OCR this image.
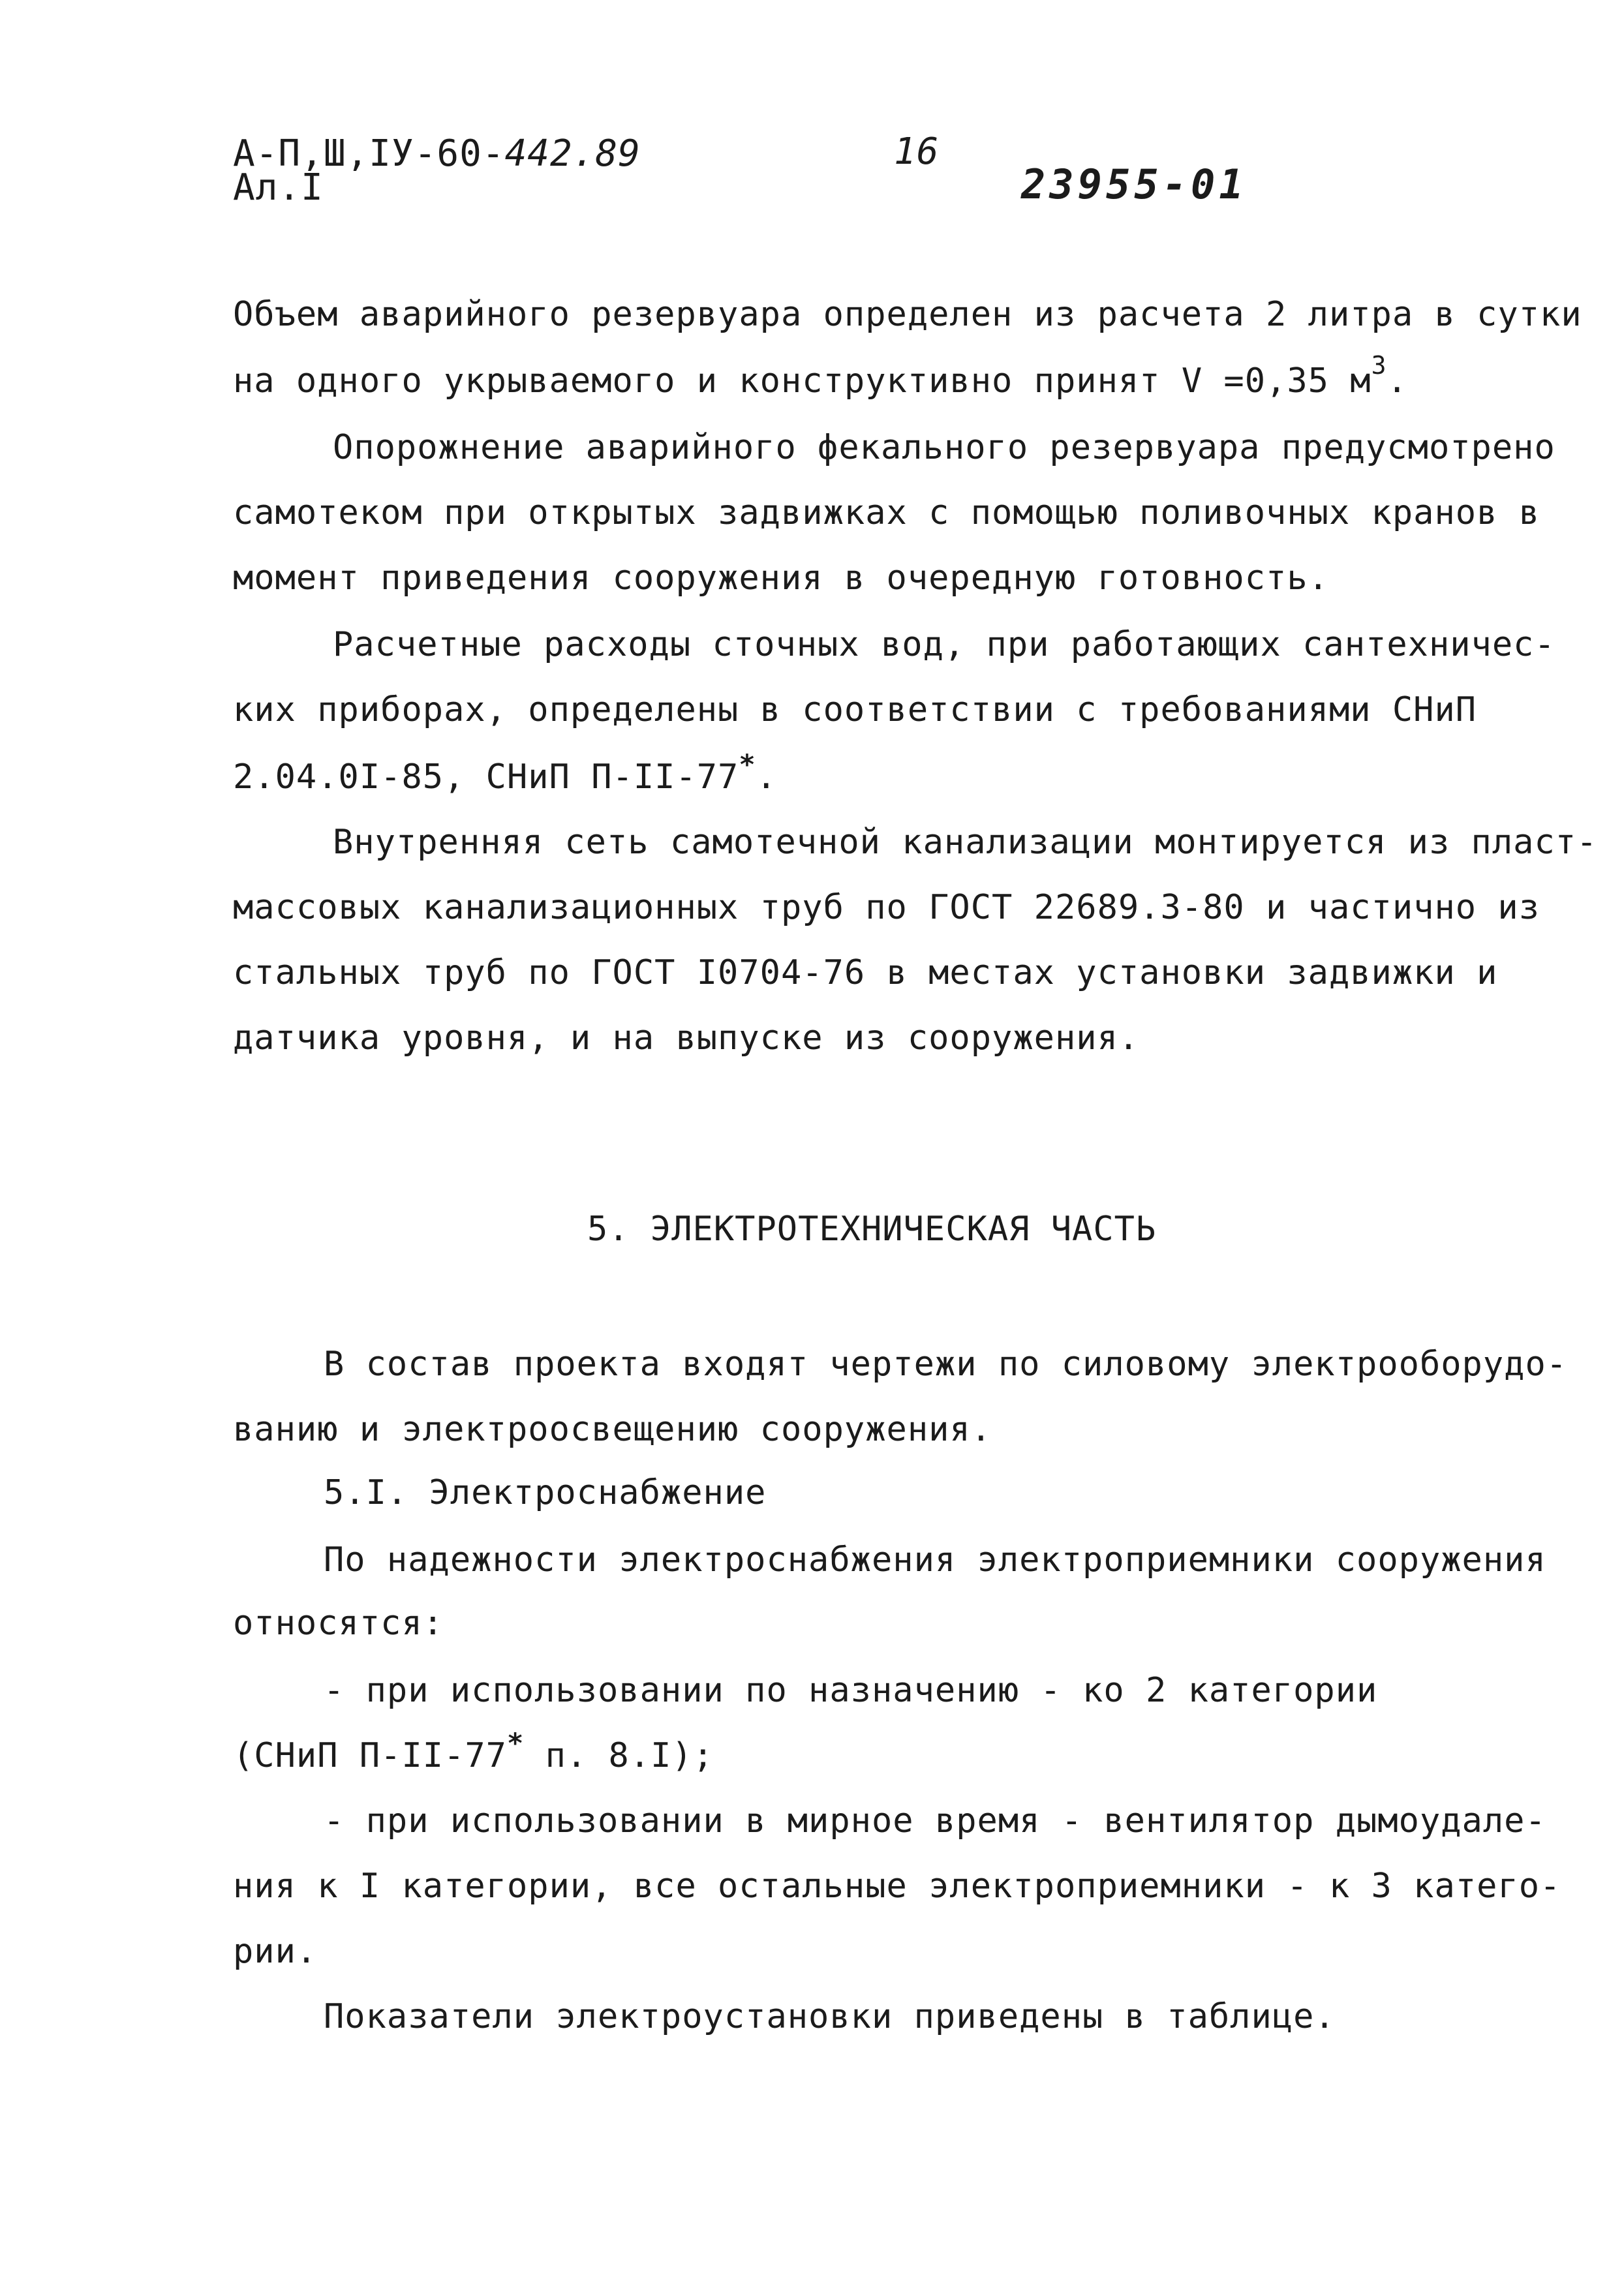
А-П,Ш,IУ-60-442.89
Ал.I
16
23955-01
Объем аварийного резервуара определен из расчета 2 литра в сутки
на одного укрываемого и конструктивно принят V =0,35 $м^3$.
Опорожнение аварийного фекального резервуара предусмотрено
самотеком при открытых задвижках с помощью поливочных кранов в
момент приведения сооружения в очередную готовность.
Расчетные расходы сточных вод, при работающих сантехничес-
ких приборах, определены в соответствии с требованиями СНиП
2.04.0I-85, СНиП П-II-77*.
Внутренняя сеть самотечной канализации монтируется из пласт-
массовых канализационных труб по ГОСТ 22689.3-80 и частично из
стальных труб по ГОСТ I0704-76 в местах установки задвижки и
датчика уровня, и на выпуске из сооружения.
5. ЭЛЕКТРОТЕХНИЧЕСКАЯ ЧАСТЬ
В состав проекта входят чертежи по силовому электрооборудо-
ванию и электроосвещению сооружения.
5.I. Электроснабжение
По надежности электроснабжения электроприемники сооружения
относятся:
- при использовании по назначению - ко 2 категории
(СНиП П-II-77* п. 8.I);
- при использовании в мирное время - вентилятор дымоудале-
ния к I категории, все остальные электроприемники - к 3 катего-
рии.
Показатели электроустановки приведены в таблице.
